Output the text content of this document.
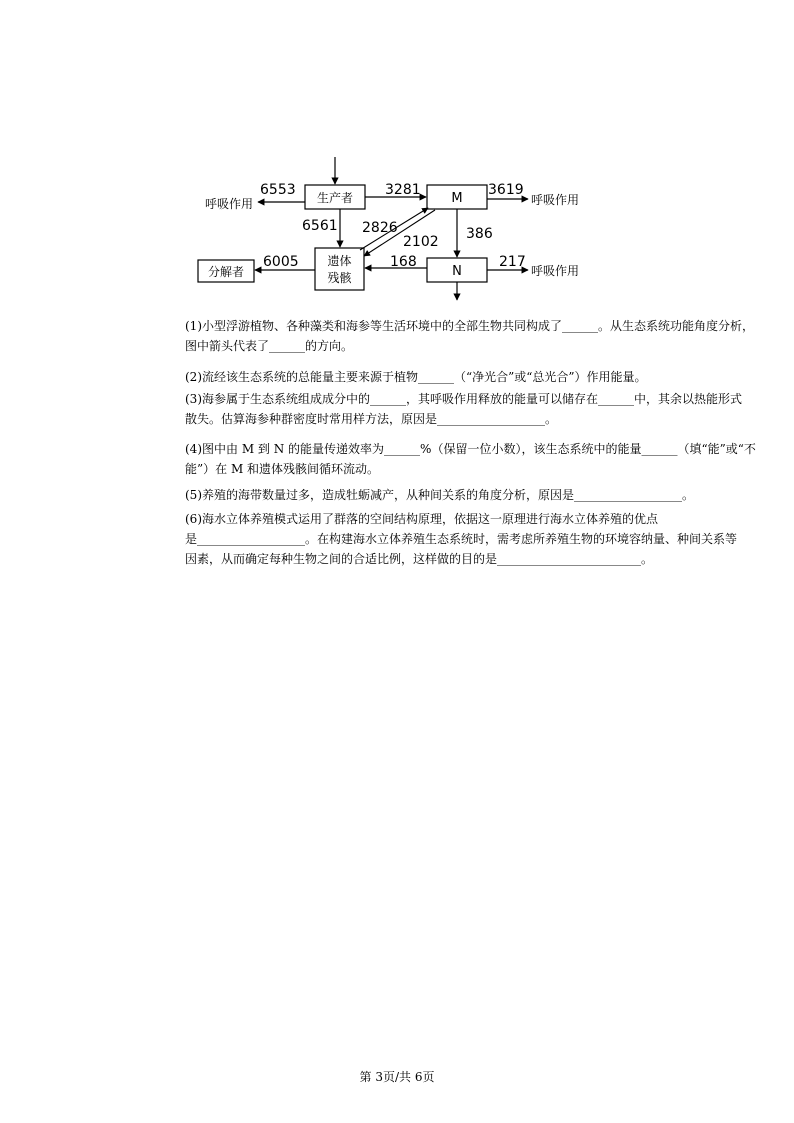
生产者	M
遗体
残骸	N
分解者
呼吸作用	呼吸作用
呼吸作用
6553	3281	3619
6561 2826
2102 386
6005	168	217

(1)小型浮游植物、各种藻类和海参等生活环境中的全部生物共同构成了______。从生态系统功能角度分析，

图中箭头代表了______的方向。

(2)流经该生态系统的总能量主要来源于植物______（“净光合”或“总光合”）作用能量。

(3)海参属于生态系统组成成分中的______，其呼吸作用释放的能量可以储存在______中，其余以热能形式

散失。估算海参种群密度时常用样方法，原因是__________________。

(4)图中由 M 到 N 的能量传递效率为______%（保留一位小数），该生态系统中的能量______（填“能”或“不

能”）在 M 和遗体残骸间循环流动。

(5)养殖的海带数量过多，造成牡蛎减产，从种间关系的角度分析，原因是__________________。

(6)海水立体养殖模式运用了群落的空间结构原理，依据这一原理进行海水立体养殖的优点

是__________________。在构建海水立体养殖生态系统时，需考虑所养殖生物的环境容纳量、种间关系等

因素，从而确定每种生物之间的合适比例，这样做的目的是________________________。

第 3页/共 6页
